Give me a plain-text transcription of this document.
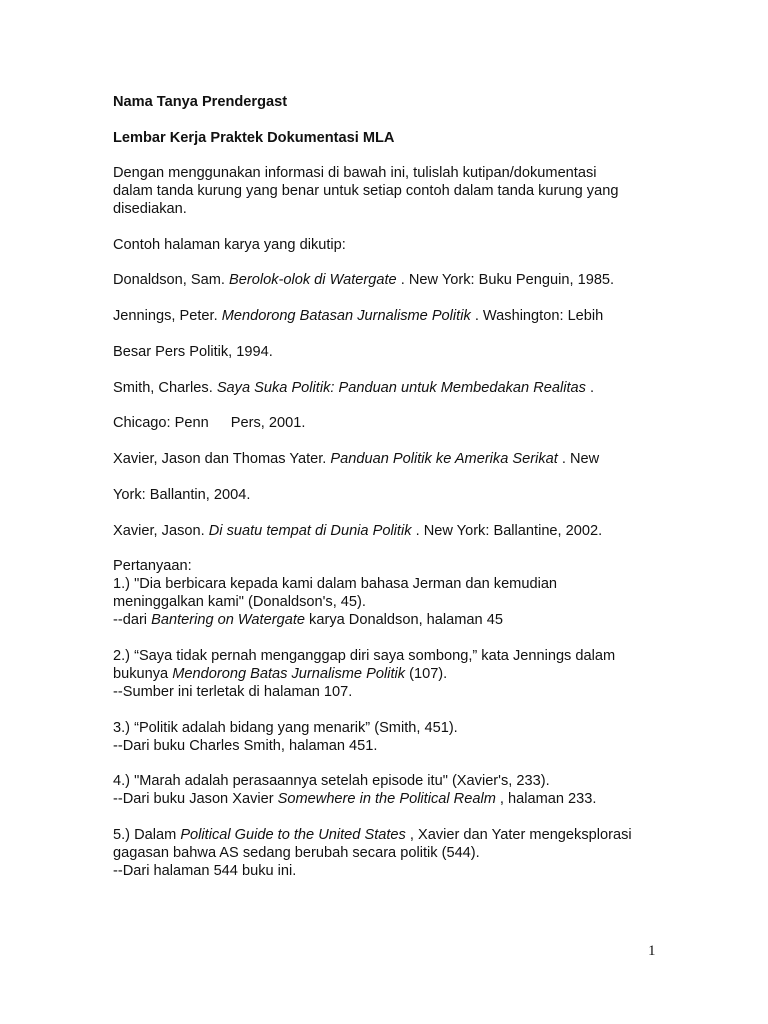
Nama Tanya Prendergast
Lembar Kerja Praktek Dokumentasi MLA
Dengan menggunakan informasi di bawah ini, tulislah kutipan/dokumentasi
dalam tanda kurung yang benar untuk setiap contoh dalam tanda kurung yang
disediakan.
Contoh halaman karya yang dikutip:
Donaldson, Sam. Berolok-olok di Watergate . New York: Buku Penguin, 1985.
Jennings, Peter. Mendorong Batasan Jurnalisme Politik . Washington: Lebih
Besar Pers Politik, 1994.
Smith, Charles. Saya Suka Politik: Panduan untuk Membedakan Realitas .
Chicago: Penn Pers, 2001.
Xavier, Jason dan Thomas Yater. Panduan Politik ke Amerika Serikat . New
York: Ballantin, 2004.
Xavier, Jason. Di suatu tempat di Dunia Politik . New York: Ballantine, 2002.
Pertanyaan:
1.) "Dia berbicara kepada kami dalam bahasa Jerman dan kemudian
meninggalkan kami" (Donaldson's, 45).
--dari Bantering on Watergate karya Donaldson, halaman 45
2.) “Saya tidak pernah menganggap diri saya sombong,” kata Jennings dalam
bukunya Mendorong Batas Jurnalisme Politik (107).
--Sumber ini terletak di halaman 107.
3.) “Politik adalah bidang yang menarik” (Smith, 451).
--Dari buku Charles Smith, halaman 451.
4.) "Marah adalah perasaannya setelah episode itu" (Xavier's, 233).
--Dari buku Jason Xavier Somewhere in the Political Realm , halaman 233.
5.) Dalam Political Guide to the United States , Xavier dan Yater mengeksplorasi
gagasan bahwa AS sedang berubah secara politik (544).
--Dari halaman 544 buku ini.
1
